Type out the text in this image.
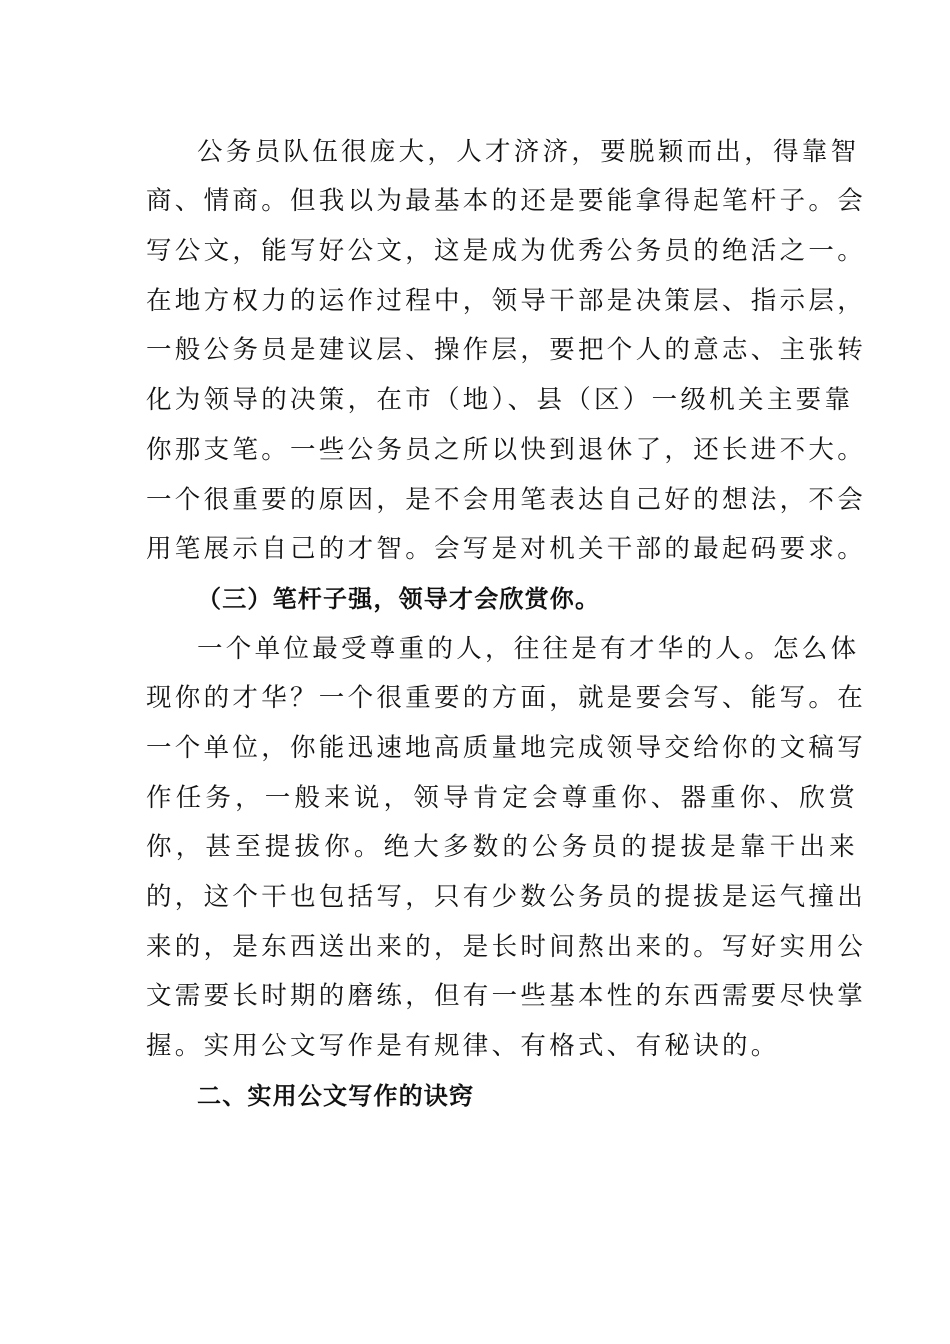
公务员队伍很庞大，人才济济，要脱颖而出，得靠智
商、情商。但我以为最基本的还是要能拿得起笔杆子。会
写公文，能写好公文，这是成为优秀公务员的绝活之一。
在地方权力的运作过程中，领导干部是决策层、指示层，
一般公务员是建议层、操作层，要把个人的意志、主张转
化为领导的决策，在市（地）、县（区）一级机关主要靠
你那支笔。一些公务员之所以快到退休了，还长进不大。
一个很重要的原因，是不会用笔表达自己好的想法，不会
用笔展示自己的才智。会写是对机关干部的最起码要求。
（三）笔杆子强，领导才会欣赏你。
一个单位最受尊重的人，往往是有才华的人。怎么体
现你的才华？一个很重要的方面，就是要会写、能写。在
一个单位，你能迅速地高质量地完成领导交给你的文稿写
作任务，一般来说，领导肯定会尊重你、器重你、欣赏
你，甚至提拔你。绝大多数的公务员的提拔是靠干出来
的，这个干也包括写，只有少数公务员的提拔是运气撞出
来的，是东西送出来的，是长时间熬出来的。写好实用公
文需要长时期的磨练，但有一些基本性的东西需要尽快掌
握。实用公文写作是有规律、有格式、有秘诀的。
二、实用公文写作的诀窍
